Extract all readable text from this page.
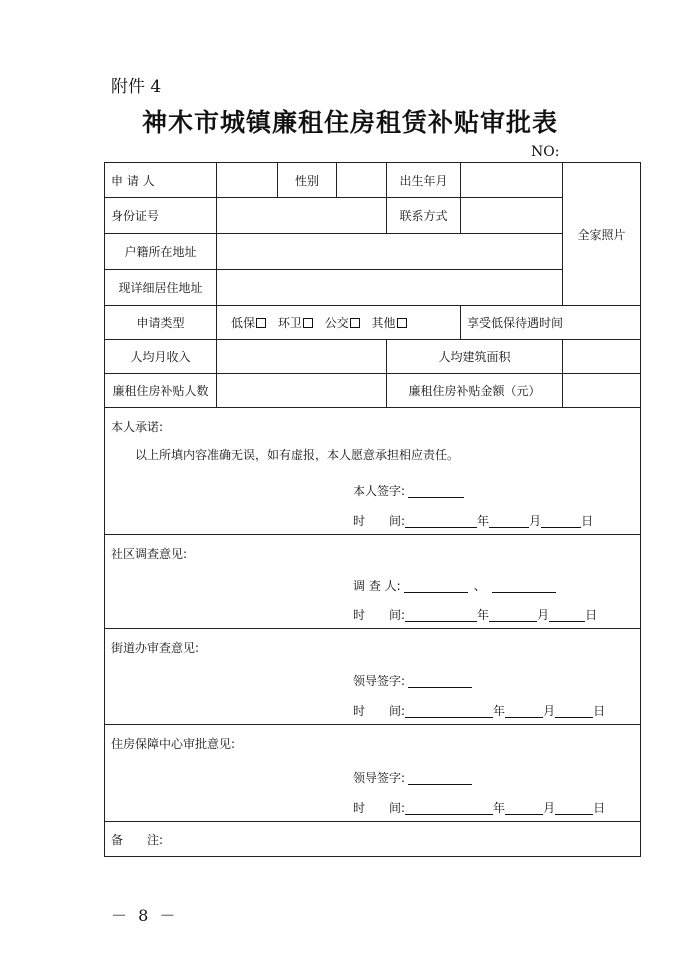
附件 4
神木市城镇廉租住房租赁补贴审批表
NO:
申 请 人		性别		出生年月		全家照片
身份证号				联系方式		
户籍所在地址						
现详细居住地址						
申请类型	低保 环卫 公交 其他				享受低保待遇时间	
人均月收入				人均建筑面积		
廉租住房补贴人数				廉租住房补贴金额（元）		

本人承诺:
以上所填内容准确无误，如有虚报，本人愿意承担相应责任。
本人签字:
时　　间: 年 月 日						

社区调查意见:
调 查 人: 、
时　　间: 年 月 日						

街道办审查意见:
领导签字:
时　　间: 年 月 日						

住房保障中心审批意见:
领导签字:
时　　间: 年 月 日						

备　　注:						
－ 8 －
